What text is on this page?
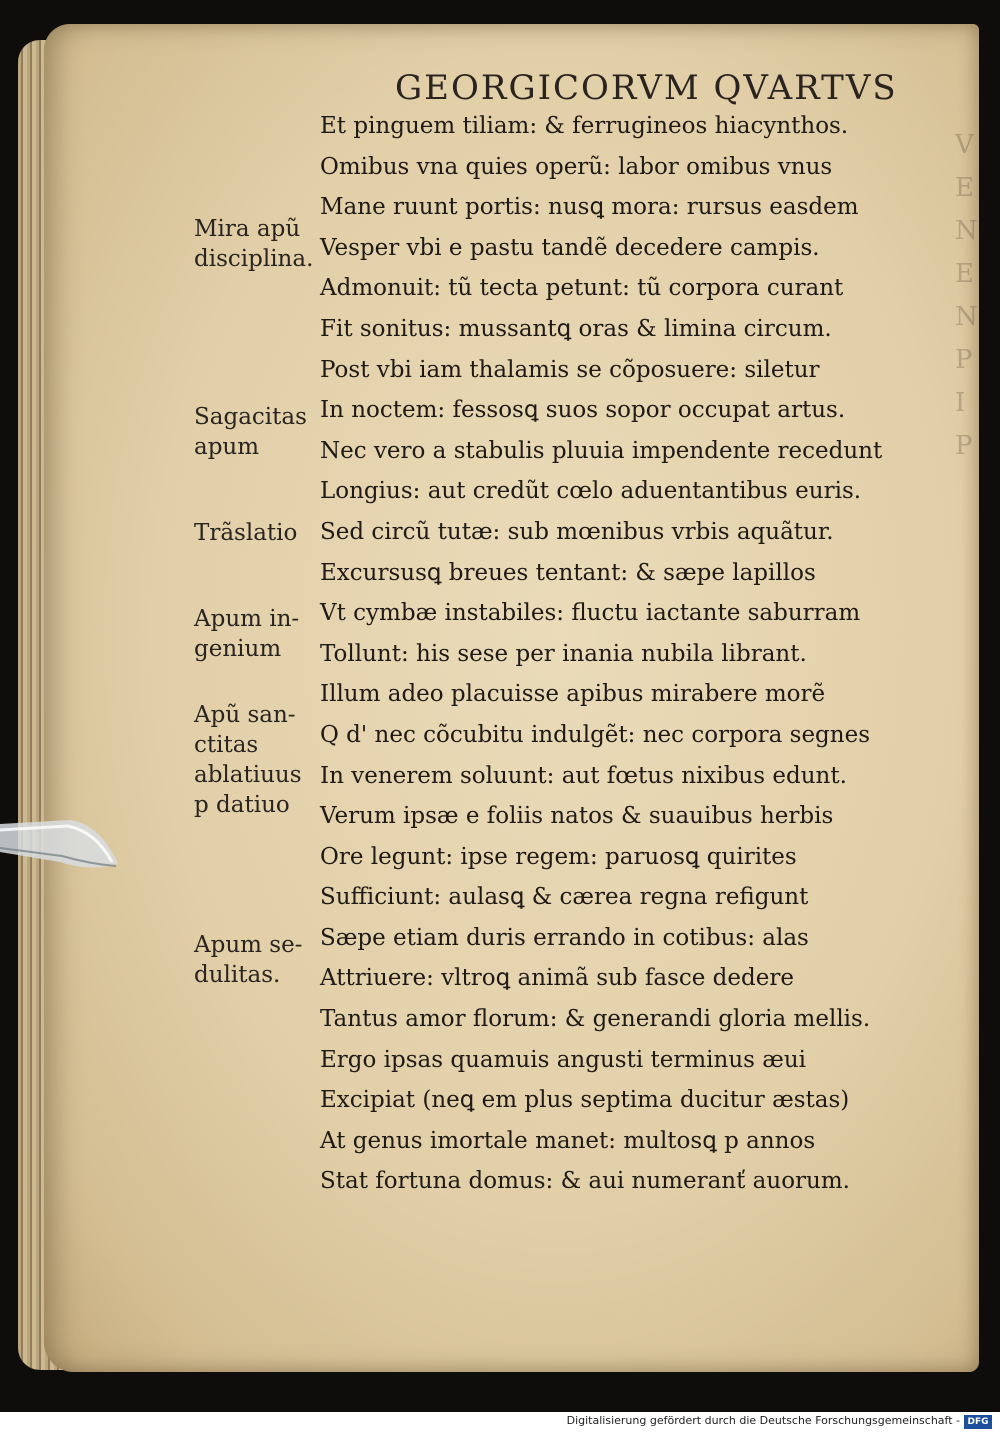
V
E
N
E
N
P
I
P
GEORGICORVM QVARTVS
Et pinguem tiliam: & ferrugineos hiacynthos.
Omibus vna quies operũ: labor omibus vnus
Mane ruunt portis: nusꝗ mora: rursus easdem
Vesper vbi e pastu tandẽ decedere campis.
Admonuit: tũ tecta petunt: tũ corpora curant
Fit sonitus: mussantꝗ oras & limina circum.
Post vbi iam thalamis se cõposuere: siletur
In noctem: fessosꝗ suos sopor occupat artus.
Nec vero a stabulis pluuia impendente recedunt
Longius: aut credũt cœlo aduentantibus euris.
Sed circũ tutæ: sub mœnibus vrbis aquãtur.
Excursusꝗ breues tentant: & sæpe lapillos
Vt cymbæ instabiles: fluctu iactante saburram
Tollunt: his sese per inania nubila librant.
Illum adeo placuisse apibus mirabere morẽ
Q d' nec cõcubitu indulgẽt: nec corpora segnes
In venerem soluunt: aut fœtus nixibus edunt.
Verum ipsæ e foliis natos & suauibus herbis
Ore legunt: ipse regem: paruosꝗ quirites
Sufficiunt: aulasꝗ & cærea regna refigunt
Sæpe etiam duris errando in cotibus: alas
Attriuere: vltroꝗ animã sub fasce dedere
Tantus amor florum: & generandi gloria mellis.
Ergo ipsas quamuis angusti terminus æui
Excipiat (neꝗ em plus septima ducitur æstas)
At genus imortale manet: multosꝗ p annos
Stat fortuna domus: & aui numeranť auorum.
Mira apũ
disciplina.
Sagacitas
apum
Trãslatio
Apum in-
genium
Apũ san-
ctitas
ablatiuus
p datiuo
Apum se-
dulitas.
Digitalisierung gefördert durch die Deutsche Forschungsgemeinschaft - DFG
